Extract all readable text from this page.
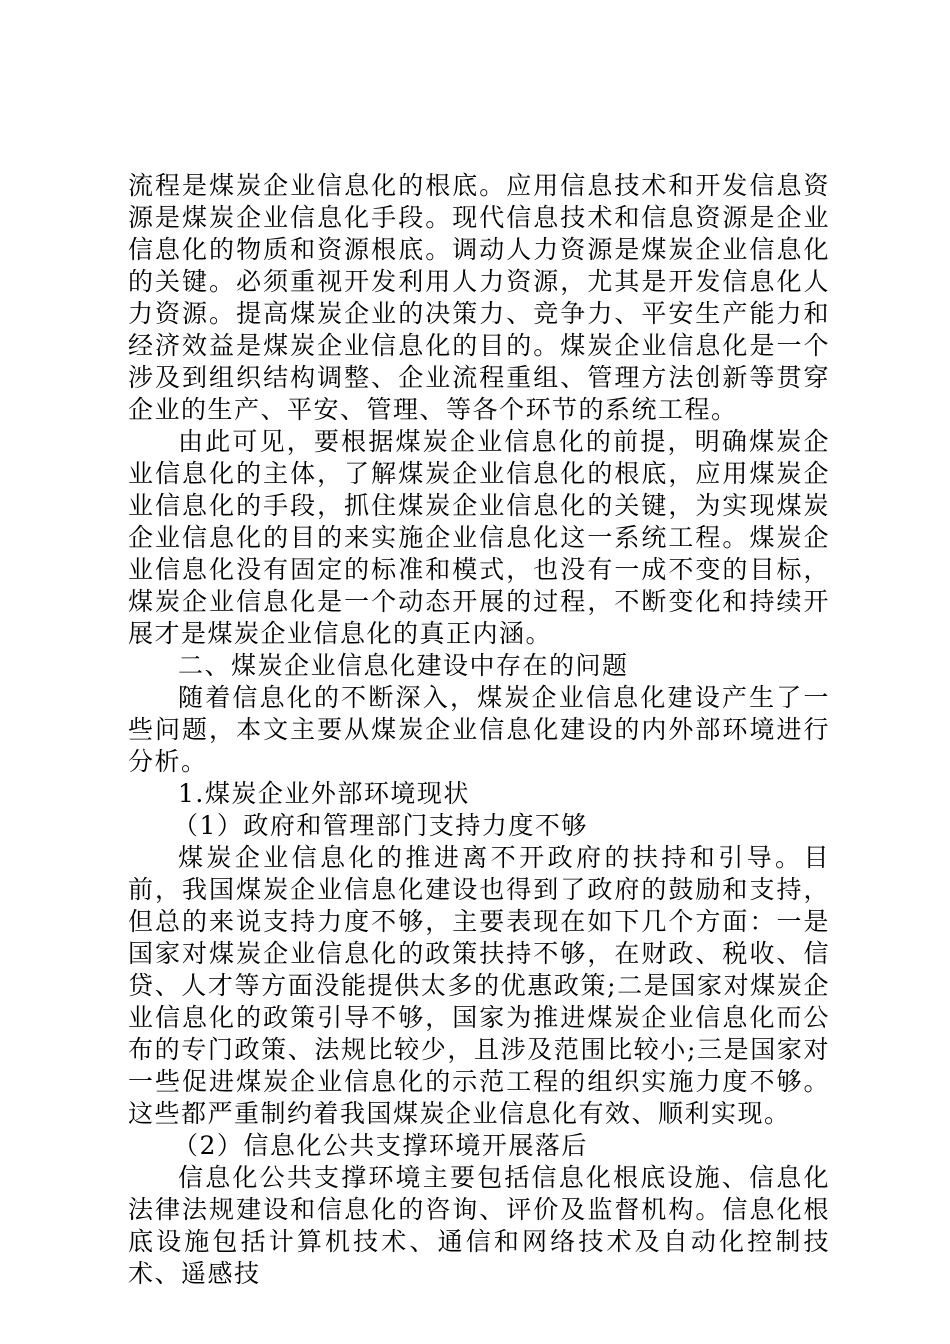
流程是煤炭企业信息化的根底。应用信息技术和开发信息资源是煤炭企业信息化手段。现代信息技术和信息资源是企业信息化的物质和资源根底。调动人力资源是煤炭企业信息化的关键。必须重视开发利用人力资源，尤其是开发信息化人力资源。提高煤炭企业的决策力、竞争力、平安生产能力和经济效益是煤炭企业信息化的目的。煤炭企业信息化是一个涉及到组织结构调整、企业流程重组、管理方法创新等贯穿企业的生产、平安、管理、等各个环节的系统工程。

由此可见，要根据煤炭企业信息化的前提，明确煤炭企业信息化的主体，了解煤炭企业信息化的根底，应用煤炭企业信息化的手段，抓住煤炭企业信息化的关键，为实现煤炭企业信息化的目的来实施企业信息化这一系统工程。煤炭企业信息化没有固定的标准和模式，也没有一成不变的目标，煤炭企业信息化是一个动态开展的过程，不断变化和持续开展才是煤炭企业信息化的真正内涵。

二、煤炭企业信息化建设中存在的问题

随着信息化的不断深入，煤炭企业信息化建设产生了一些问题，本文主要从煤炭企业信息化建设的内外部环境进行分析。

1.煤炭企业外部环境现状

（1）政府和管理部门支持力度不够

煤炭企业信息化的推进离不开政府的扶持和引导。目前，我国煤炭企业信息化建设也得到了政府的鼓励和支持，但总的来说支持力度不够，主要表现在如下几个方面：一是国家对煤炭企业信息化的政策扶持不够，在财政、税收、信贷、人才等方面没能提供太多的优惠政策;二是国家对煤炭企业信息化的政策引导不够，国家为推进煤炭企业信息化而公布的专门政策、法规比较少，且涉及范围比较小;三是国家对一些促进煤炭企业信息化的示范工程的组织实施力度不够。这些都严重制约着我国煤炭企业信息化有效、顺利实现。

（2）信息化公共支撑环境开展落后

信息化公共支撑环境主要包括信息化根底设施、信息化法律法规建设和信息化的咨询、评价及监督机构。信息化根底设施包括计算机技术、通信和网络技术及自动化控制技术、遥感技
